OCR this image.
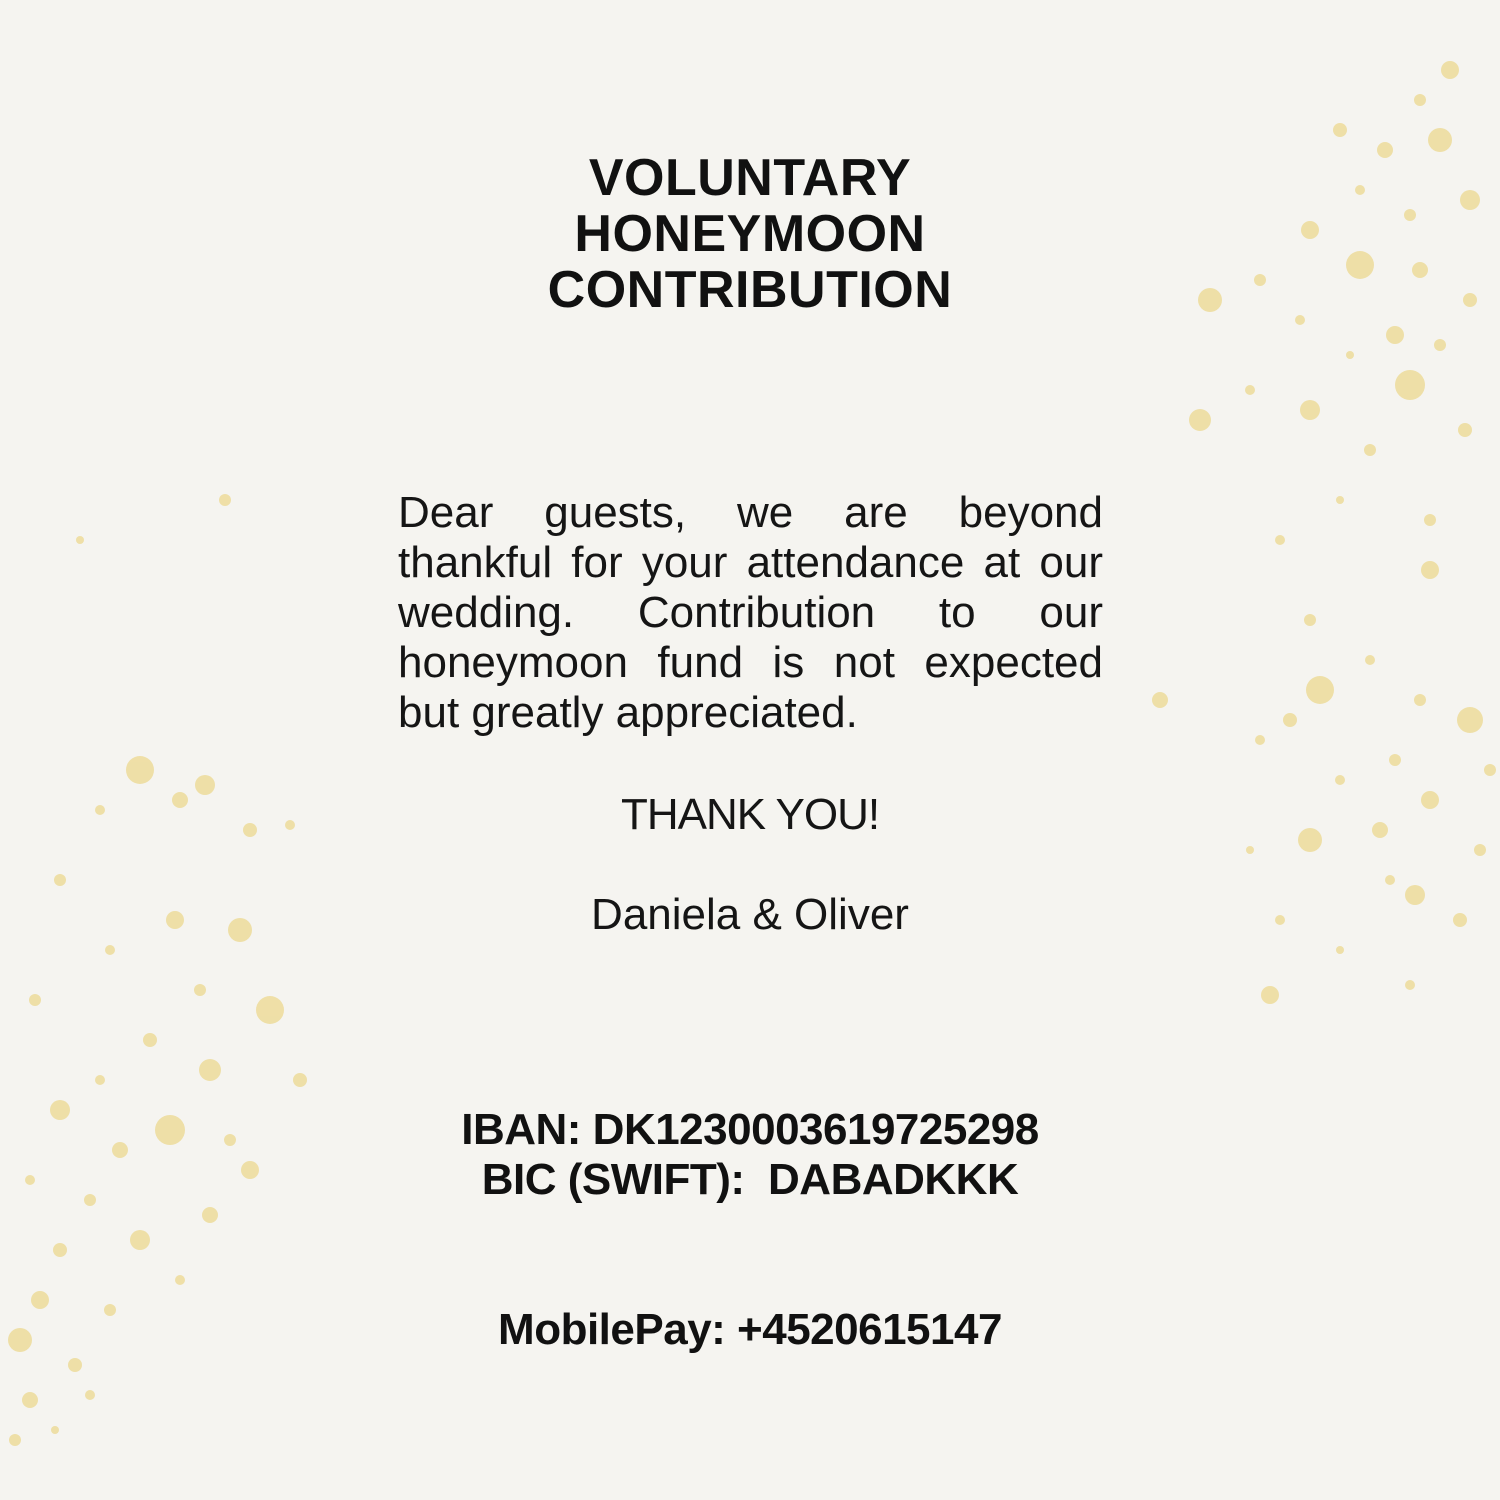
VOLUNTARY
HONEYMOON
CONTRIBUTION
Dear guests, we are beyond thankful for your attendance at our wedding. Contribution to our honeymoon fund is not expected but greatly appreciated.
THANK YOU!
Daniela & Oliver
IBAN: DK1230003619725298
BIC (SWIFT):  DABADKKK
MobilePay: +4520615147
